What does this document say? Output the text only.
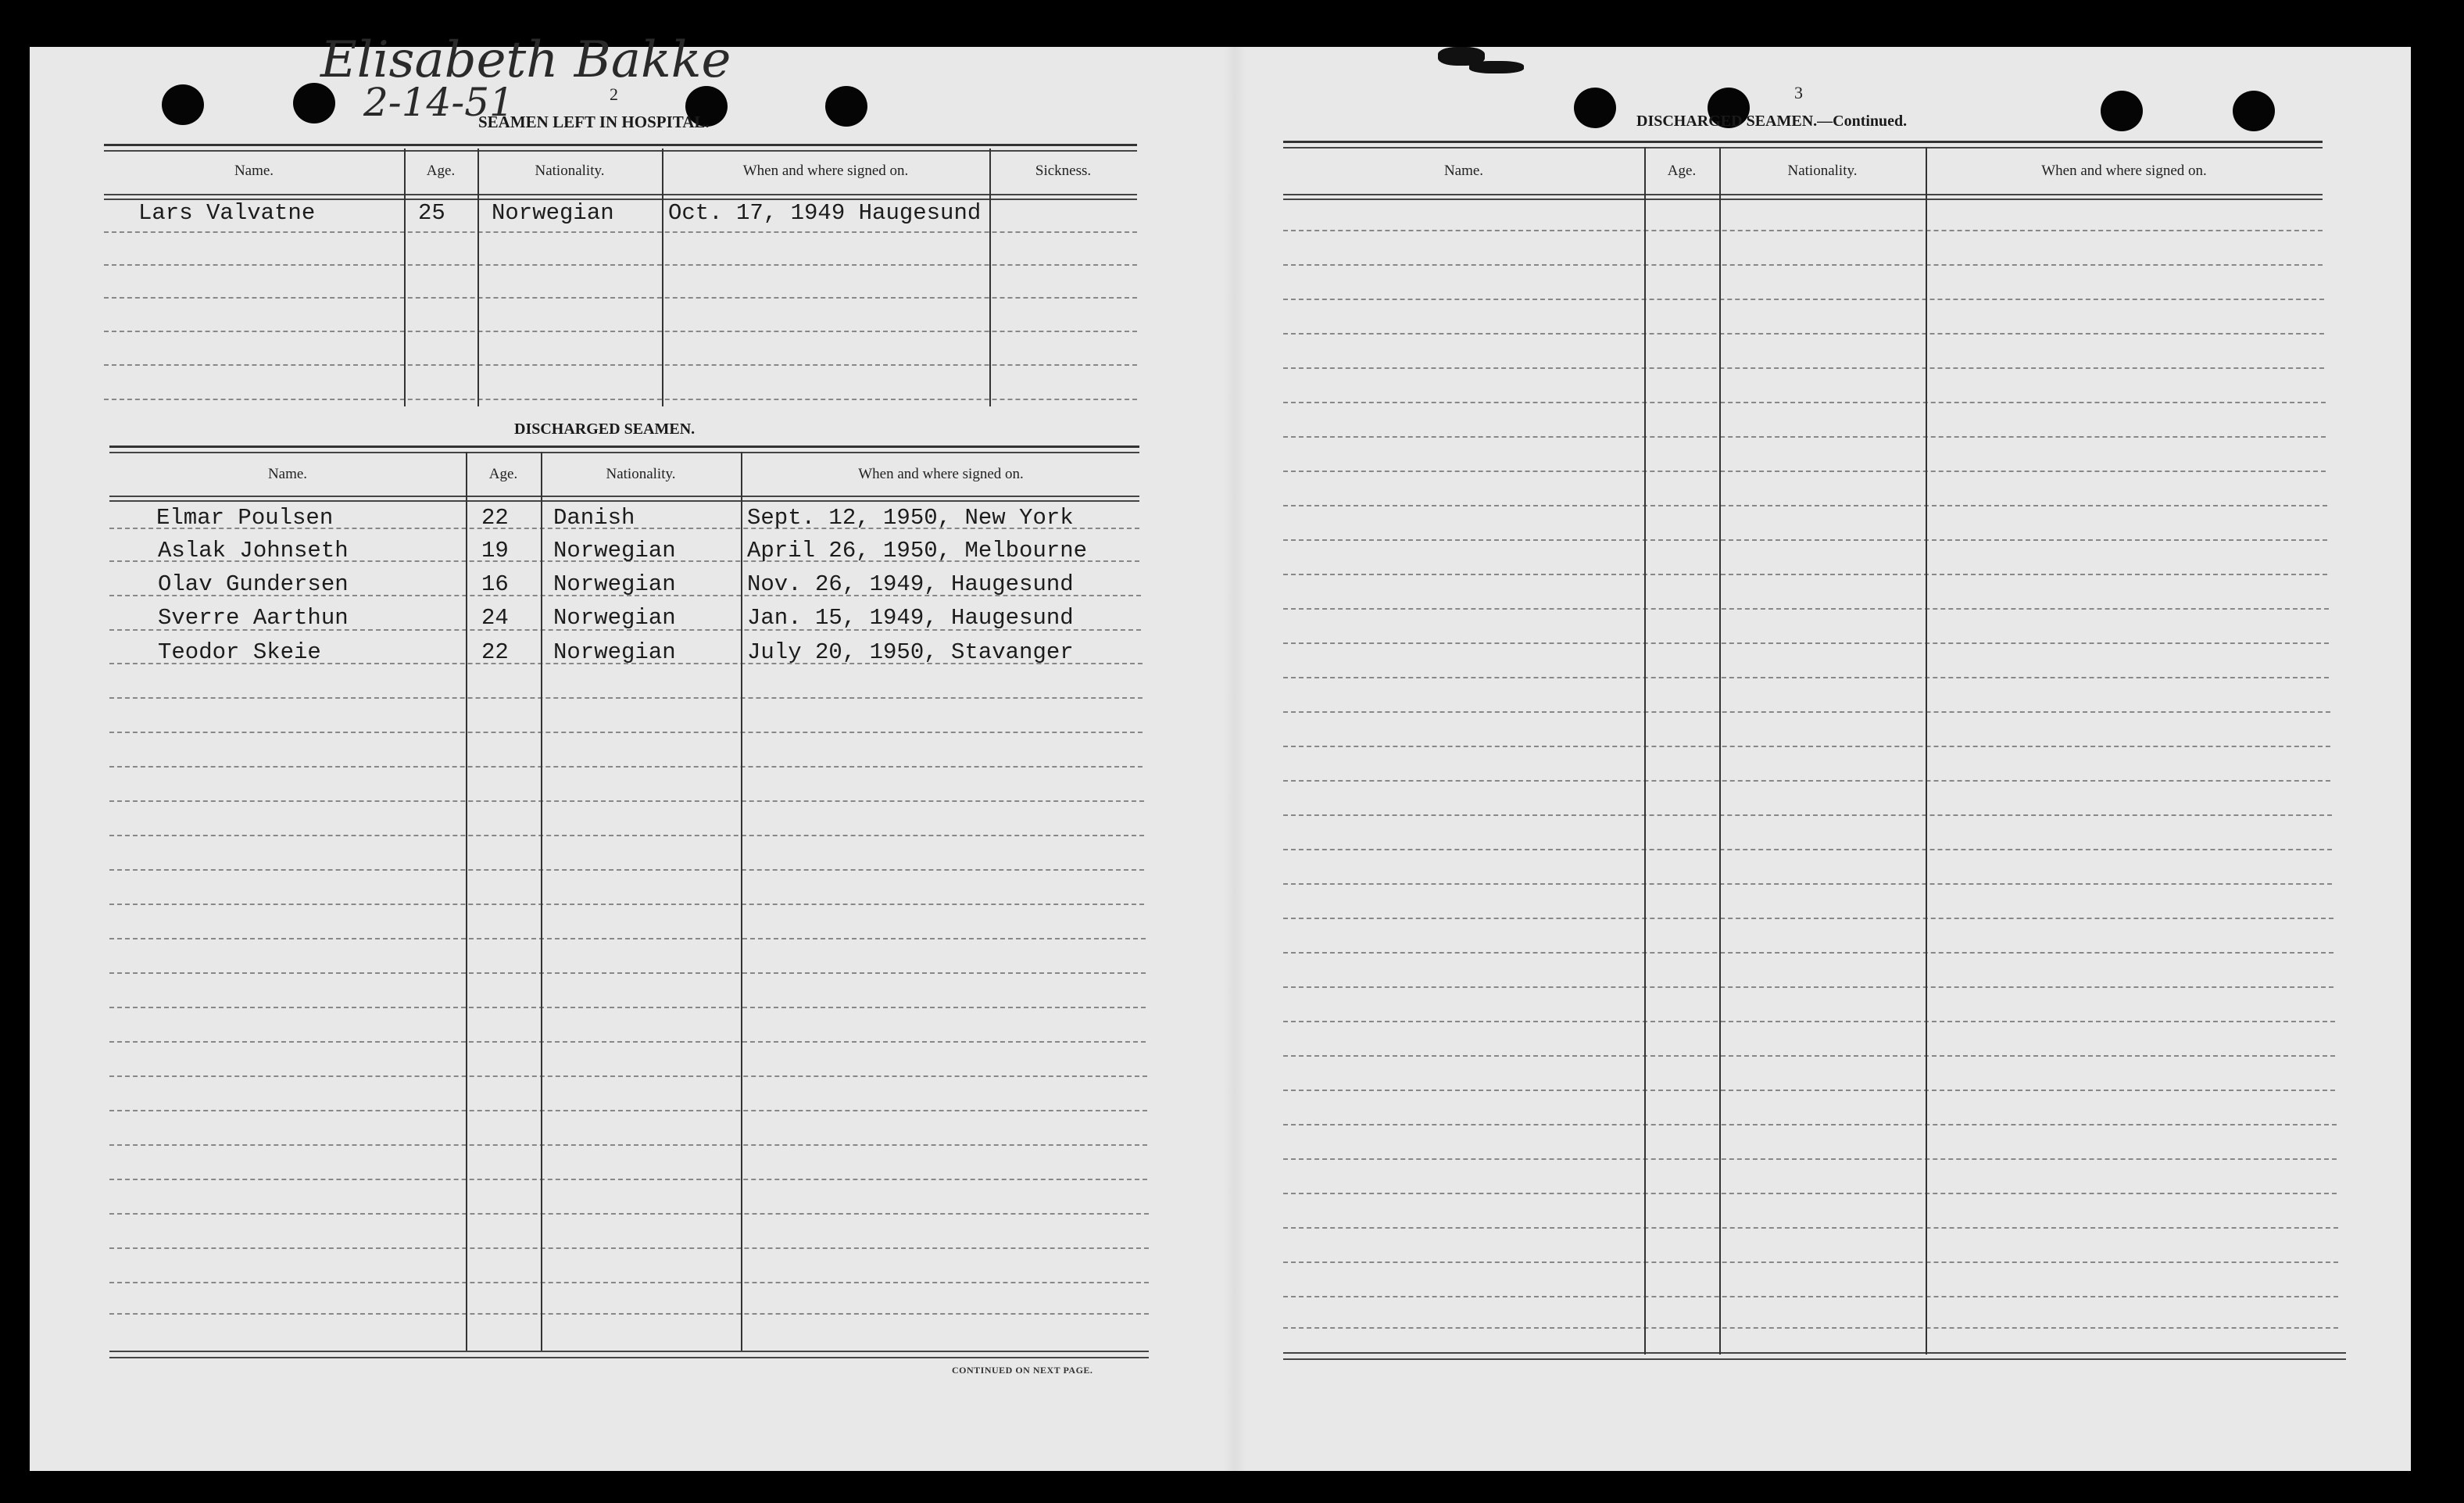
Elisabeth Bakke
2-14-51	2
SEAMEN LEFT IN HOSPITAL.
Name.	Age.	Nationality.	When and where signed on.	Sickness.
Lars Valvatne	25 Norwegian Oct. 17, 1949 Haugesund
DISCHARGED SEAMEN.
Name.	Age.	Nationality.	When and where signed on.
Elmar Poulsen	22 Danish	Sept. 12, 1950, New York
Aslak Johnseth	19 Norwegian	April 26, 1950, Melbourne
Olav Gundersen	16 Norwegian	Nov. 26, 1949, Haugesund
Sverre Aarthun	24 Norwegian	Jan. 15, 1949, Haugesund
Teodor Skeie	22 Norwegian	July 20, 1950, Stavanger
CONTINUED ON NEXT PAGE.
3
DISCHARGED SEAMEN.—Continued.
Name.	Age.	Nationality.	When and where signed on.
